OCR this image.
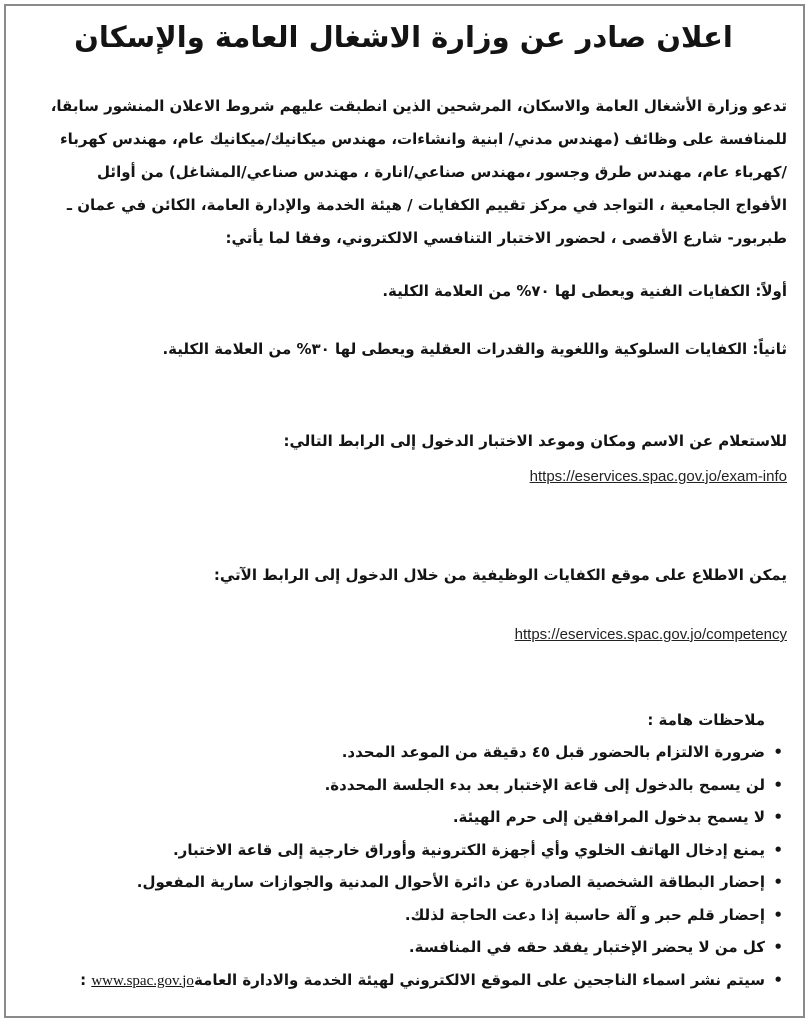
اعلان صادر عن وزارة الاشغال العامة والإسكان
تدعو وزارة الأشغال العامة والاسكان، المرشحين الذين انطبقت عليهم شروط الاعلان المنشور سابقا،
للمنافسة على وظائف (مهندس مدني/ ابنية وانشاءات، مهندس ميكانيك/ميكانيك عام، مهندس كهرباء
/كهرباء عام، مهندس طرق وجسور ،مهندس صناعي/انارة ، مهندس صناعي/المشاغل) من أوائل
الأفواج الجامعية ، التواجد في مركز تقييم الكفايات / هيئة الخدمة والإدارة العامة، الكائن في عمان ـ
طبربور- شارع الأقصى ، لحضور الاختبار التنافسي الالكتروني، وفقا لما يأتي:
أولاً: الكفايات الفنية ويعطى لها ٧٠% من العلامة الكلية.
ثانياً: الكفايات السلوكية واللغوية والقدرات العقلية ويعطى لها ٣٠% من العلامة الكلية.
للاستعلام عن الاسم ومكان وموعد الاختبار الدخول إلى الرابط التالي:
https://eservices.spac.gov.jo/exam-info
يمكن الاطلاع على موقع الكفايات الوظيفية من خلال الدخول إلى الرابط الآتي:
https://eservices.spac.gov.jo/competency
ملاحظات هامة :
• ضرورة الالتزام بالحضور قبل ٤٥ دقيقة من الموعد المحدد.
• لن يسمح بالدخول إلى قاعة الإختبار بعد بدء الجلسة المحددة.
• لا يسمح بدخول المرافقين إلى حرم الهيئة.
• يمنع إدخال الهاتف الخلوي وأي أجهزة الكترونية وأوراق خارجية إلى قاعة الاختبار.
• إحضار البطاقة الشخصية الصادرة عن دائرة الأحوال المدنية والجوازات سارية المفعول.
• إحضار قلم حبر و آلة حاسبة إذا دعت الحاجة لذلك.
• كل من لا يحضر الإختبار يفقد حقه في المنافسة.
• سيتم نشر اسماء الناجحين على الموقع الالكتروني لهيئة الخدمة والادارة العامةwww.spac.gov.jo :
